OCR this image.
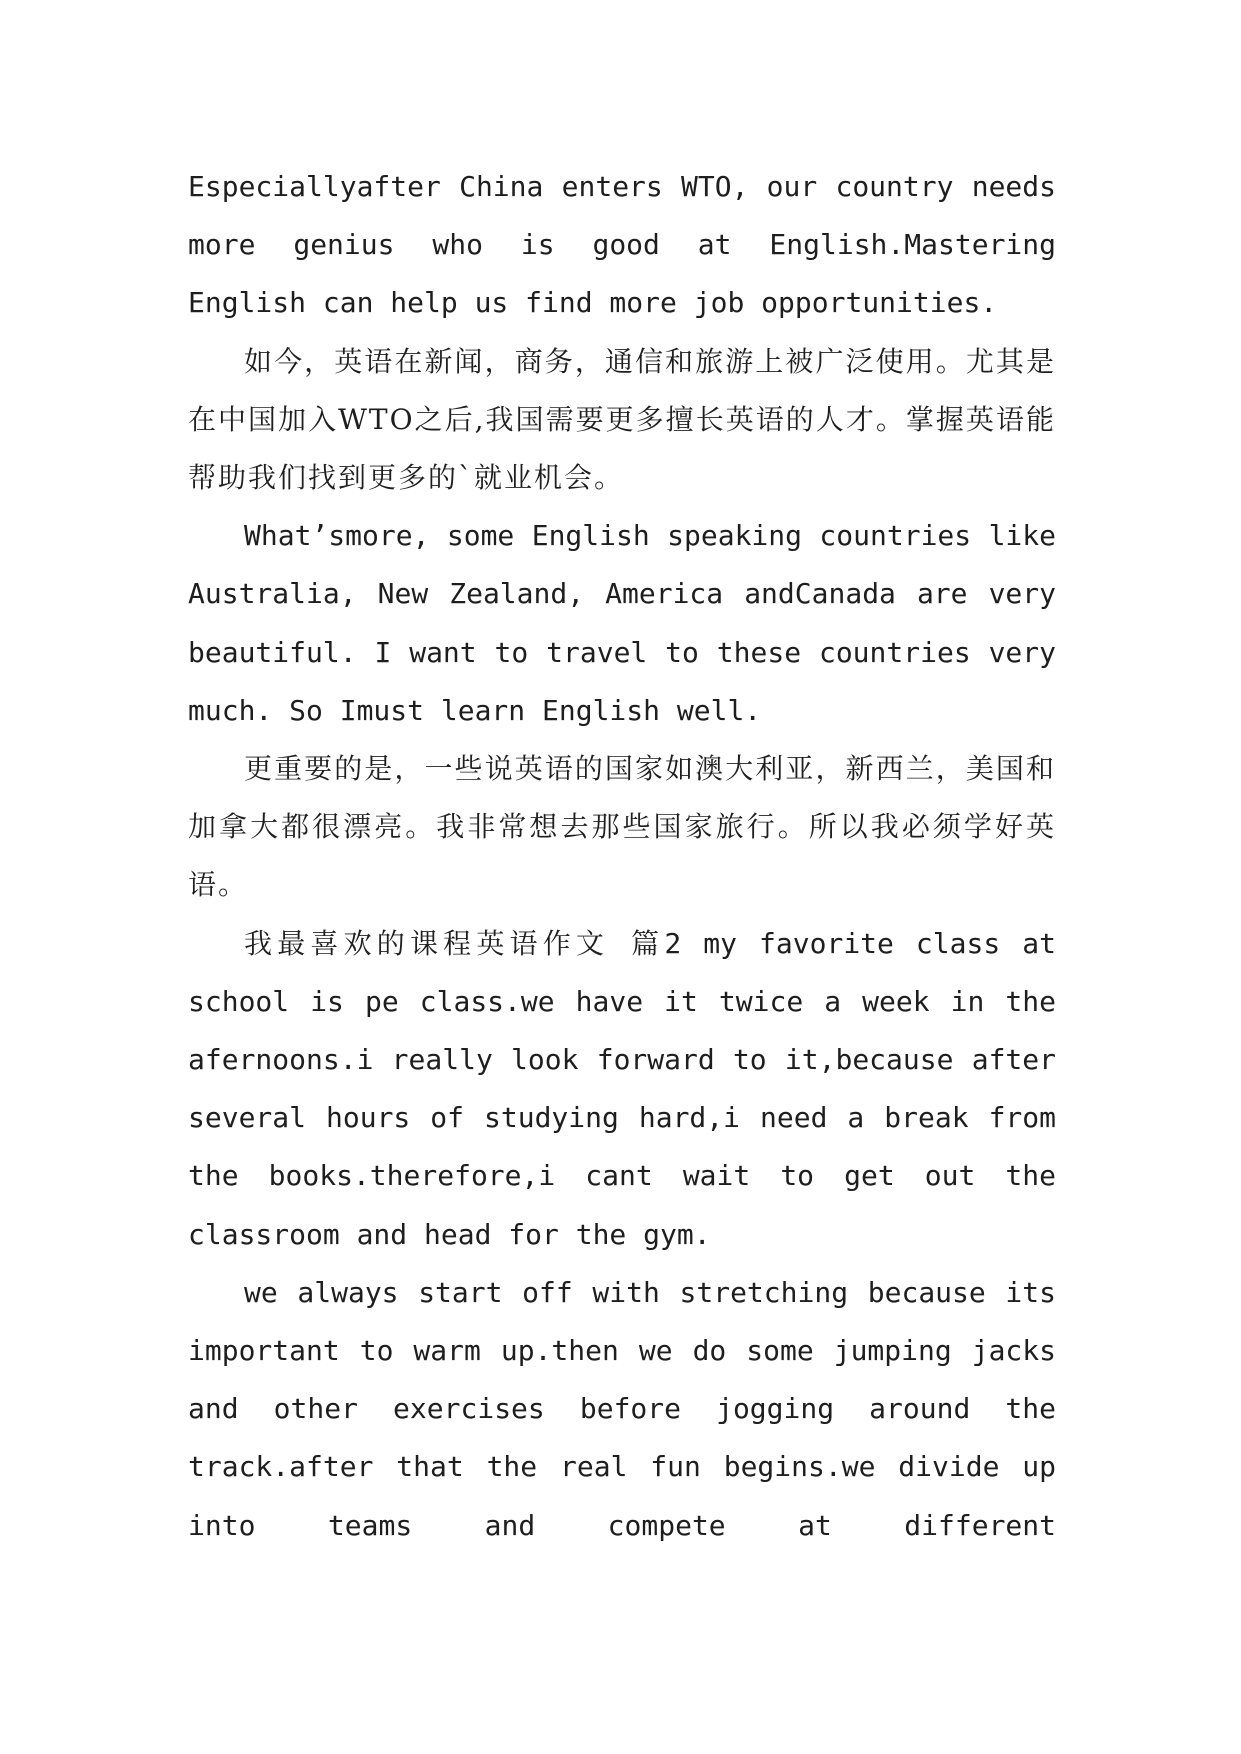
Especiallyafter China enters WTO, our country needs more genius who is good at English.Mastering English can help us find more job opportunities.

如今，英语在新闻，商务，通信和旅游上被广泛使用。尤其是在中国加入WTO之后,我国需要更多擅长英语的人才。掌握英语能帮助我们找到更多的`就业机会。

What’smore, some English speaking countries like Australia, New Zealand, America andCanada are very beautiful. I want to travel to these countries very much. So Imust learn English well.

更重要的是，一些说英语的国家如澳大利亚，新西兰，美国和加拿大都很漂亮。我非常想去那些国家旅行。所以我必须学好英语。

我最喜欢的课程英语作文 篇2 my favorite class at school is pe class.we have it twice a week in the afernoons.i really look forward to it,because after several hours of studying hard,i need a break from the books.therefore,i cant wait to get out the classroom and head for the gym.

we always start off with stretching because its important to warm up.then we do some jumping jacks and other exercises before jogging around the track.after that the real fun begins.we divide up into teams and compete at different
